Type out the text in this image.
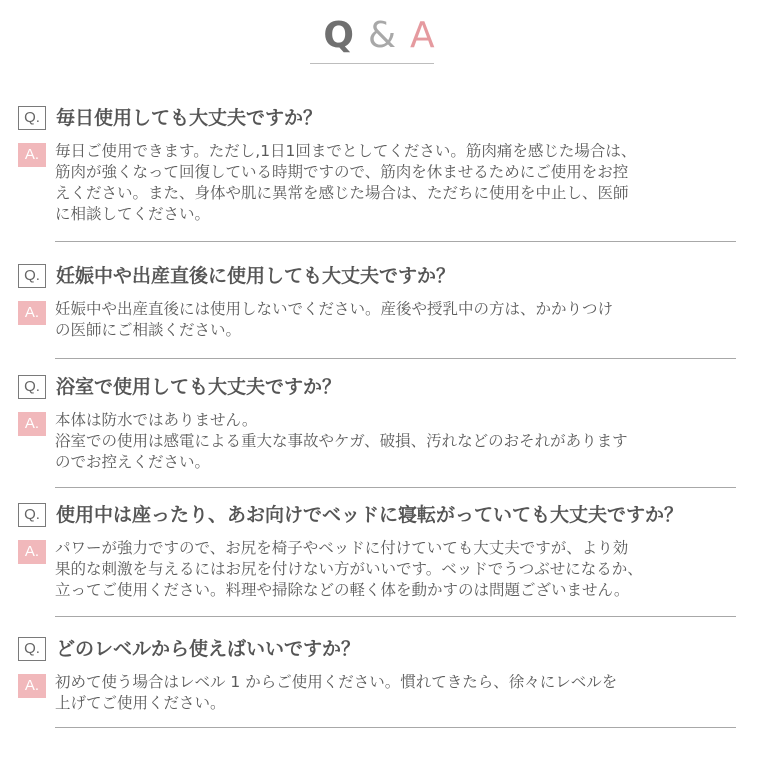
Q & A
Q. 毎日使用しても大丈夫ですか？
A.	毎日ご使用できます。ただし,1日1回までとしてください。筋肉痛を感じた場合は、
筋肉が強くなって回復している時期ですので、筋肉を休ませるためにご使用をお控
えください。また、身体や肌に異常を感じた場合は、ただちに使用を中止し、医師
に相談してください。
Q. 妊娠中や出産直後に使用しても大丈夫ですか？
A.	妊娠中や出産直後には使用しないでください。産後や授乳中の方は、かかりつけ
の医師にご相談ください。
Q. 浴室で使用しても大丈夫ですか？
A.	本体は防水ではありません。
浴室での使用は感電による重大な事故やケガ、破損、汚れなどのおそれがあります
のでお控えください。
Q. 使用中は座ったり、あお向けでベッドに寝転がっていても大丈夫ですか？
A.	パワーが強力ですので、お尻を椅子やベッドに付けていても大丈夫ですが、より効
果的な刺激を与えるにはお尻を付けない方がいいです。ベッドでうつぶせになるか、
立ってご使用ください。料理や掃除などの軽く体を動かすのは問題ございません。
Q. どのレベルから使えばいいですか？
A.	初めて使う場合はレベル 1 からご使用ください。慣れてきたら、徐々にレベルを
上げてご使用ください。
